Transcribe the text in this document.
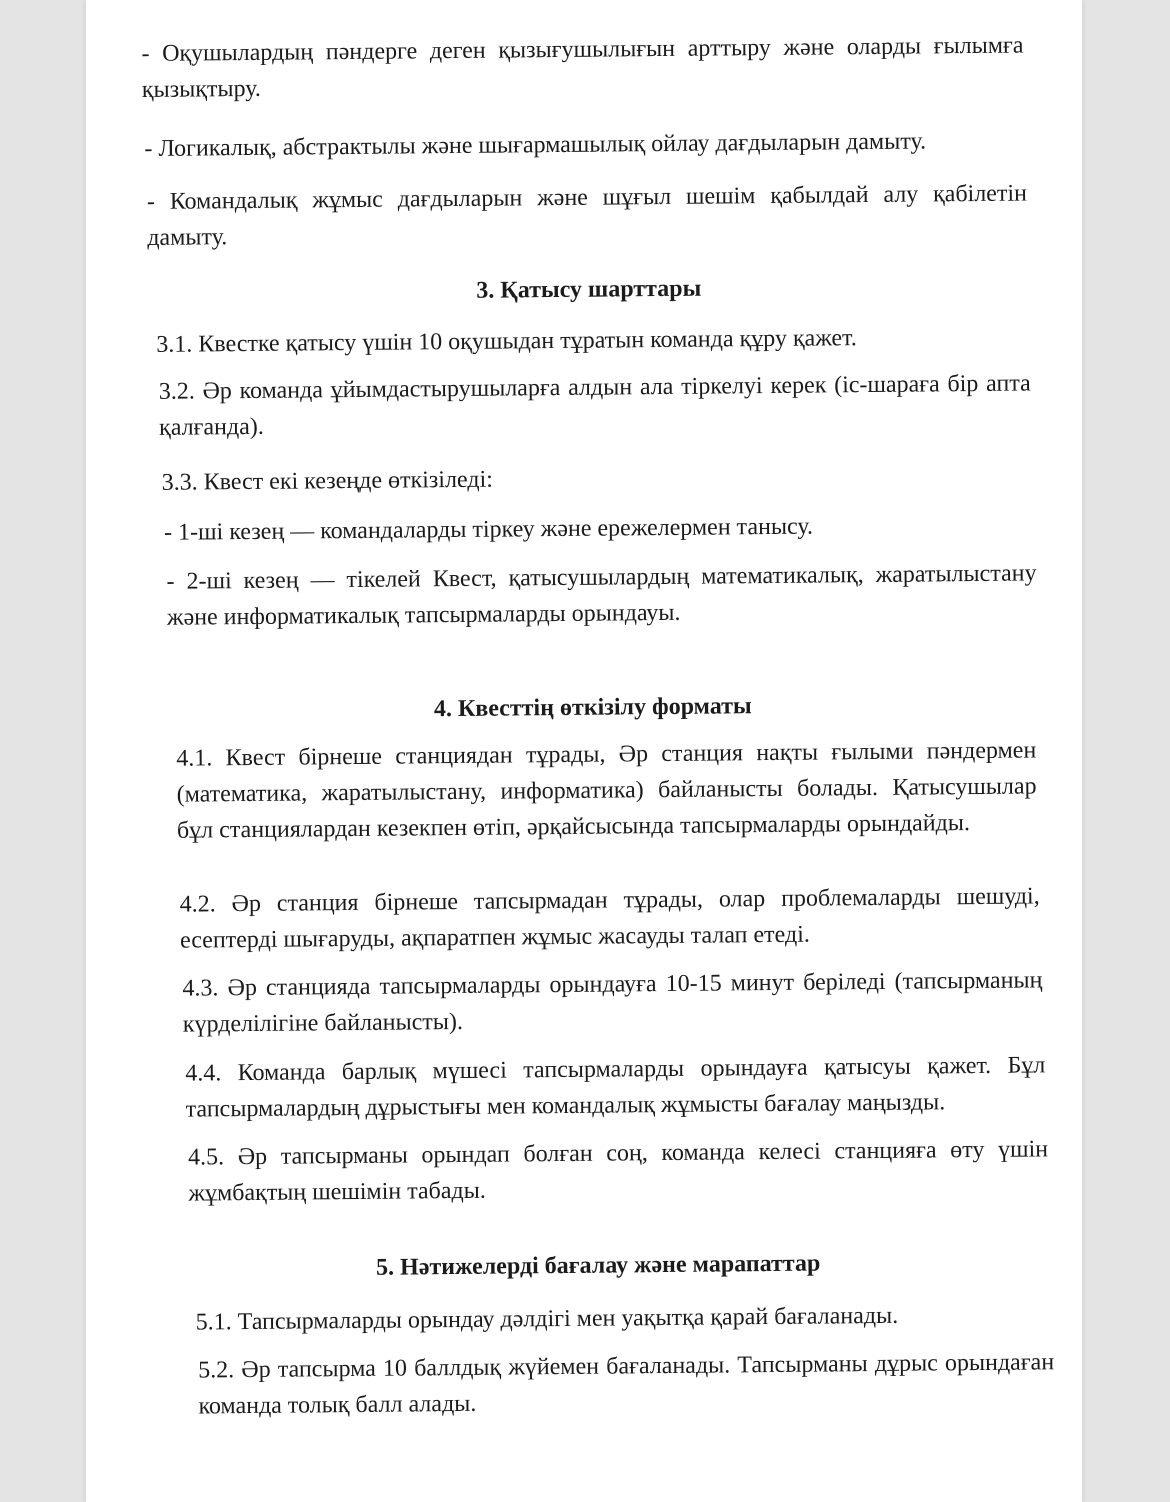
- Оқушылардың пәндерге деген қызығушылығын арттыру және оларды ғылымға қызықтыру.

- Логикалық, абстрактылы және шығармашылық ойлау дағдыларын дамыту.

- Командалық жұмыс дағдыларын және шұғыл шешім қабылдай алу қабілетін дамыту.

3. Қатысу шарттары

3.1. Квестке қатысу үшін 10 оқушыдан тұратын команда құру қажет.

3.2. Әр команда ұйымдастырушыларға алдын ала тіркелуі керек (іс-шараға бір апта қалғанда).

3.3. Квест екі кезеңде өткізіледі:

- 1-ші кезең — командаларды тіркеу және ережелермен танысу.

- 2-ші кезең — тікелей Квест, қатысушылардың математикалық, жаратылыстану және информатикалық тапсырмаларды орындауы.

4. Квесттің өткізілу форматы

4.1. Квест бірнеше станциядан тұрады, Әр станция нақты ғылыми пәндермен (математика, жаратылыстану, информатика) байланысты болады. Қатысушылар бұл станциялардан кезекпен өтіп, әрқайсысында тапсырмаларды орындайды.

4.2. Әр станция бірнеше тапсырмадан тұрады, олар проблемаларды шешуді, есептерді шығаруды, ақпаратпен жұмыс жасауды талап етеді.

4.3. Әр станцияда тапсырмаларды орындауға 10-15 минут беріледі (тапсырманың күрделілігіне байланысты).

4.4. Команда барлық мүшесі тапсырмаларды орындауға қатысуы қажет. Бұл тапсырмалардың дұрыстығы мен командалық жұмысты бағалау маңызды.

4.5. Әр тапсырманы орындап болған соң, команда келесі станцияға өту үшін жұмбақтың шешімін табады.

5. Нәтижелерді бағалау және марапаттар

5.1. Тапсырмаларды орындау дәлдігі мен уақытқа қарай бағаланады.

5.2. Әр тапсырма 10 баллдық жүйемен бағаланады. Тапсырманы дұрыс орындаған команда толық балл алады.
